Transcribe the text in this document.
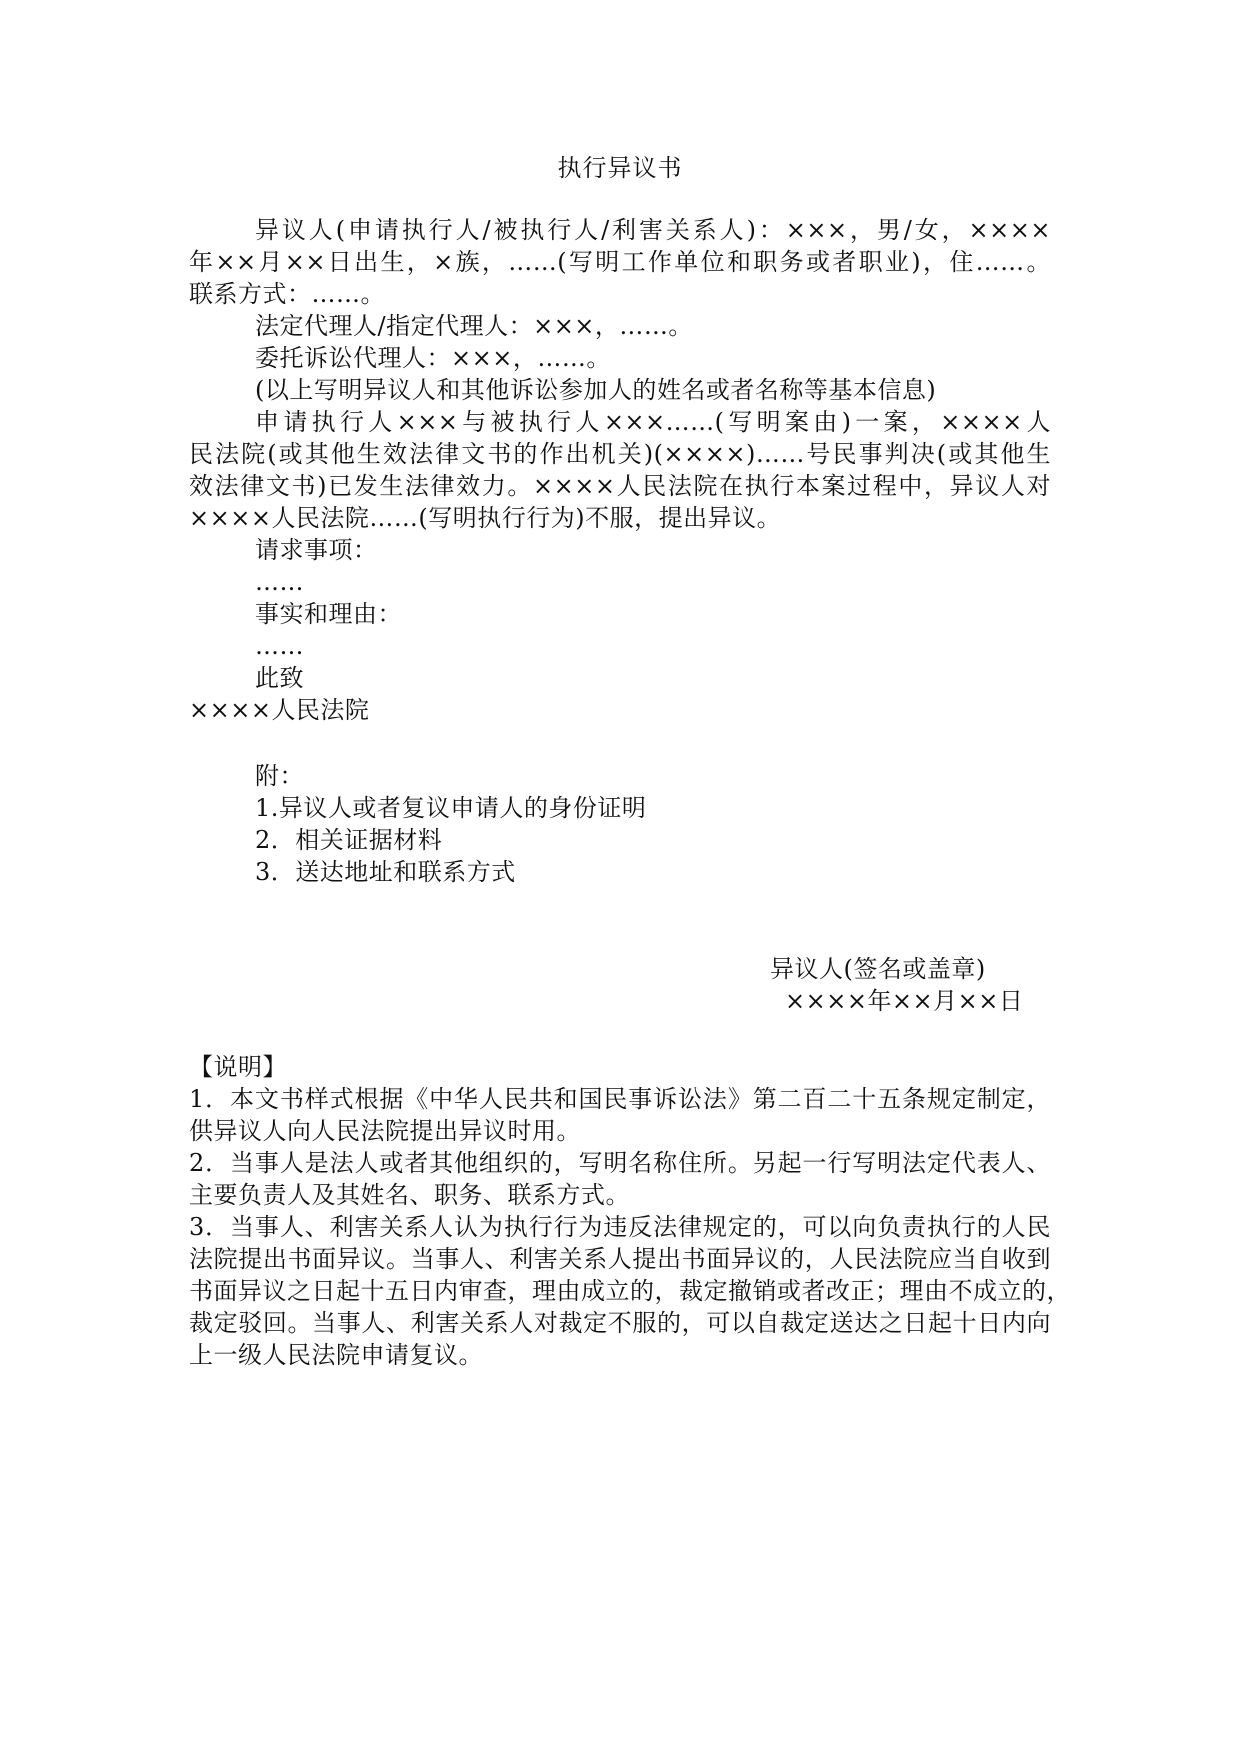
执行异议书
异议人(申请执行人/被执行人/利害关系人)：×××，男/女，××××
年××月××日出生，×族，……(写明工作单位和职务或者职业)，住……。
联系方式：……。
法定代理人/指定代理人：×××，……。
委托诉讼代理人：×××，……。
(以上写明异议人和其他诉讼参加人的姓名或者名称等基本信息)
申请执行人×××与被执行人×××……(写明案由)一案，××××人
民法院(或其他生效法律文书的作出机关)(××××)……号民事判决(或其他生
效法律文书)已发生法律效力。××××人民法院在执行本案过程中，异议人对
××××人民法院……(写明执行行为)不服，提出异议。
请求事项：
……
事实和理由：
……
此致
××××人民法院
附：
1.异议人或者复议申请人的身份证明
2．相关证据材料
3．送达地址和联系方式
异议人(签名或盖章)
××××年××月××日
【说明】
1．本文书样式根据《中华人民共和国民事诉讼法》第二百二十五条规定制定，
供异议人向人民法院提出异议时用。
2．当事人是法人或者其他组织的，写明名称住所。另起一行写明法定代表人、
主要负责人及其姓名、职务、联系方式。
3．当事人、利害关系人认为执行行为违反法律规定的，可以向负责执行的人民
法院提出书面异议。当事人、利害关系人提出书面异议的，人民法院应当自收到
书面异议之日起十五日内审查，理由成立的，裁定撤销或者改正；理由不成立的，
裁定驳回。当事人、利害关系人对裁定不服的，可以自裁定送达之日起十日内向
上一级人民法院申请复议。
